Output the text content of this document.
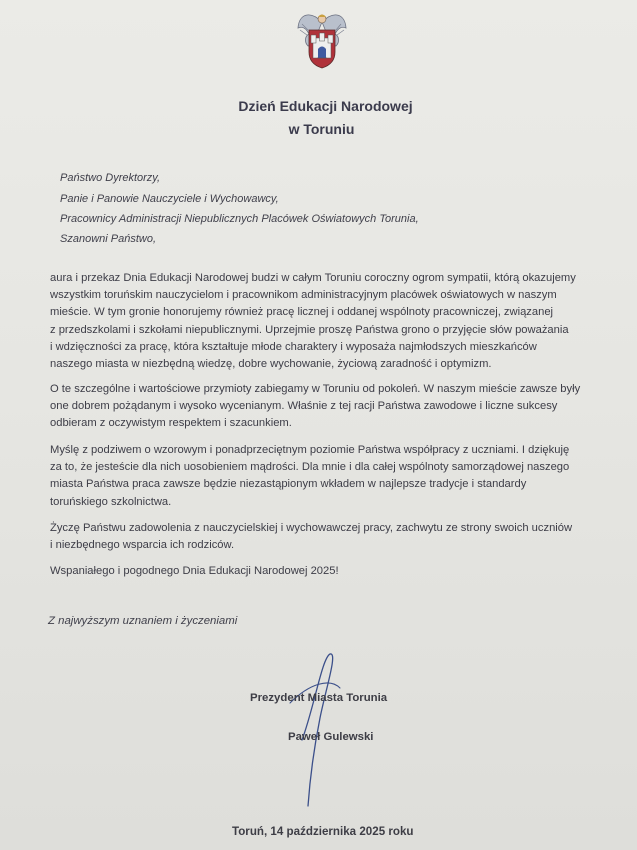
Dzień Edukacji Narodowej
w Toruniu
Państwo Dyrektorzy,
Panie i Panowie Nauczyciele i Wychowawcy,
Pracownicy Administracji Niepublicznych Placówek Oświatowych Torunia,
Szanowni Państwo,
aura i przekaz Dnia Edukacji Narodowej budzi w całym Toruniu coroczny ogrom sympatii, którą okazujemy
wszystkim toruńskim nauczycielom i pracownikom administracyjnym placówek oświatowych w naszym
mieście. W tym gronie honorujemy również pracę licznej i oddanej wspólnoty pracowniczej, związanej
z przedszkolami i szkołami niepublicznymi. Uprzejmie proszę Państwa grono o przyjęcie słów poważania
i wdzięczności za pracę, która kształtuje młode charaktery i wyposaża najmłodszych mieszkańców
naszego miasta w niezbędną wiedzę, dobre wychowanie, życiową zaradność i optymizm.
O te szczególne i wartościowe przymioty zabiegamy w Toruniu od pokoleń. W naszym mieście zawsze były
one dobrem pożądanym i wysoko wycenianym. Właśnie z tej racji Państwa zawodowe i liczne sukcesy
odbieram z oczywistym respektem i szacunkiem.
Myślę z podziwem o wzorowym i ponadprzeciętnym poziomie Państwa współpracy z uczniami. I dziękuję
za to, że jesteście dla nich uosobieniem mądrości. Dla mnie i dla całej wspólnoty samorządowej naszego
miasta Państwa praca zawsze będzie niezastąpionym wkładem w najlepsze tradycje i standardy
toruńskiego szkolnictwa.
Życzę Państwu zadowolenia z nauczycielskiej i wychowawczej pracy, zachwytu ze strony swoich uczniów
i niezbędnego wsparcia ich rodziców.
Wspaniałego i pogodnego Dnia Edukacji Narodowej 2025!
Z najwyższym uznaniem i życzeniami
Prezydent Miasta Torunia
Paweł Gulewski
Toruń, 14 października 2025 roku
